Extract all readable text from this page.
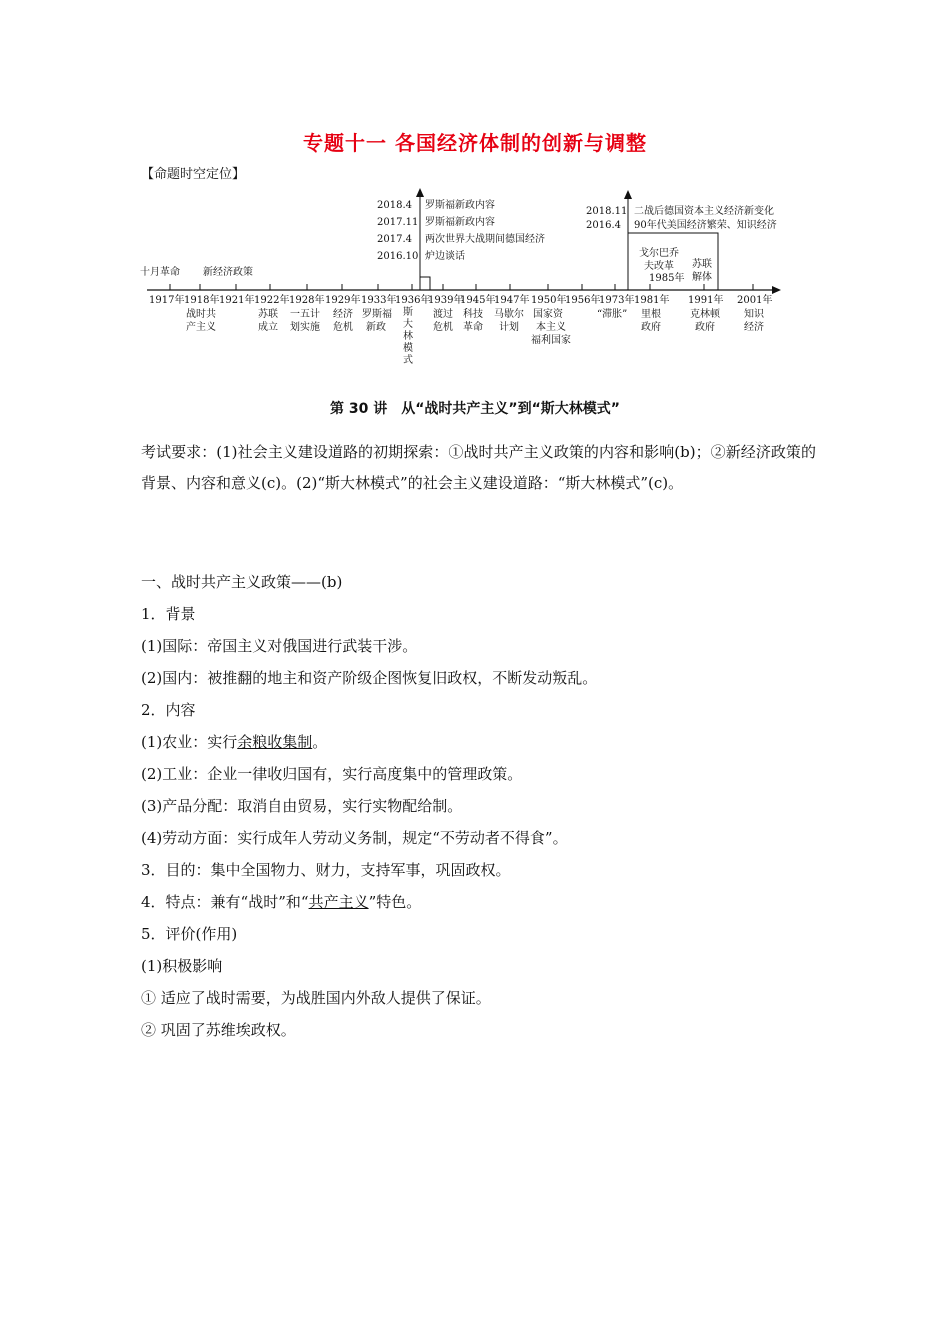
专题十一 各国经济体制的创新与调整
【命题时空定位】
1917年 1918年 1921年 1922年 1928年 1929年 1933年
1936年
1939年
1945年
1947年 1950年
1956年
1973年 1981年 1991年 2001年
十月革命 新经济政策
战时共
产主义
苏联
成立
一五计
划实施
经济
危机
罗斯福
新政
斯
大
林
模
式
渡过
危机
科技
革命
马歇尔
计划
国家资
本主义
福利国家
“滞胀” 里根
政府
克林顿
政府
知识
经济
2018.4
2017.11
2017.4
2016.10
罗斯福新政内容
罗斯福新政内容
两次世界大战期间德国经济
炉边谈话
2018.11
2016.4
二战后德国资本主义经济新变化
90年代美国经济繁荣、知识经济
戈尔巴乔
夫改革
1985年
苏联
解体
第 30 讲　从“战时共产主义”到“斯大林模式”
考试要求：(1)社会主义建设道路的初期探索：①战时共产主义政策的内容和影响(b)；②新经济政策的背景、内容和意义(c)。(2)“斯大林模式”的社会主义建设道路：“斯大林模式”(c)。

一、战时共产主义政策——(b)

1．背景

(1)国际：帝国主义对俄国进行武装干涉。

(2)国内：被推翻的地主和资产阶级企图恢复旧政权，不断发动叛乱。

2．内容

(1)农业：实行余粮收集制。

(2)工业：企业一律收归国有，实行高度集中的管理政策。

(3)产品分配：取消自由贸易，实行实物配给制。

(4)劳动方面：实行成年人劳动义务制，规定“不劳动者不得食”。

3．目的：集中全国物力、财力，支持军事，巩固政权。

4．特点：兼有“战时”和“共产主义”特色。

5．评价(作用)

(1)积极影响

① 适应了战时需要，为战胜国内外敌人提供了保证。

② 巩固了苏维埃政权。
